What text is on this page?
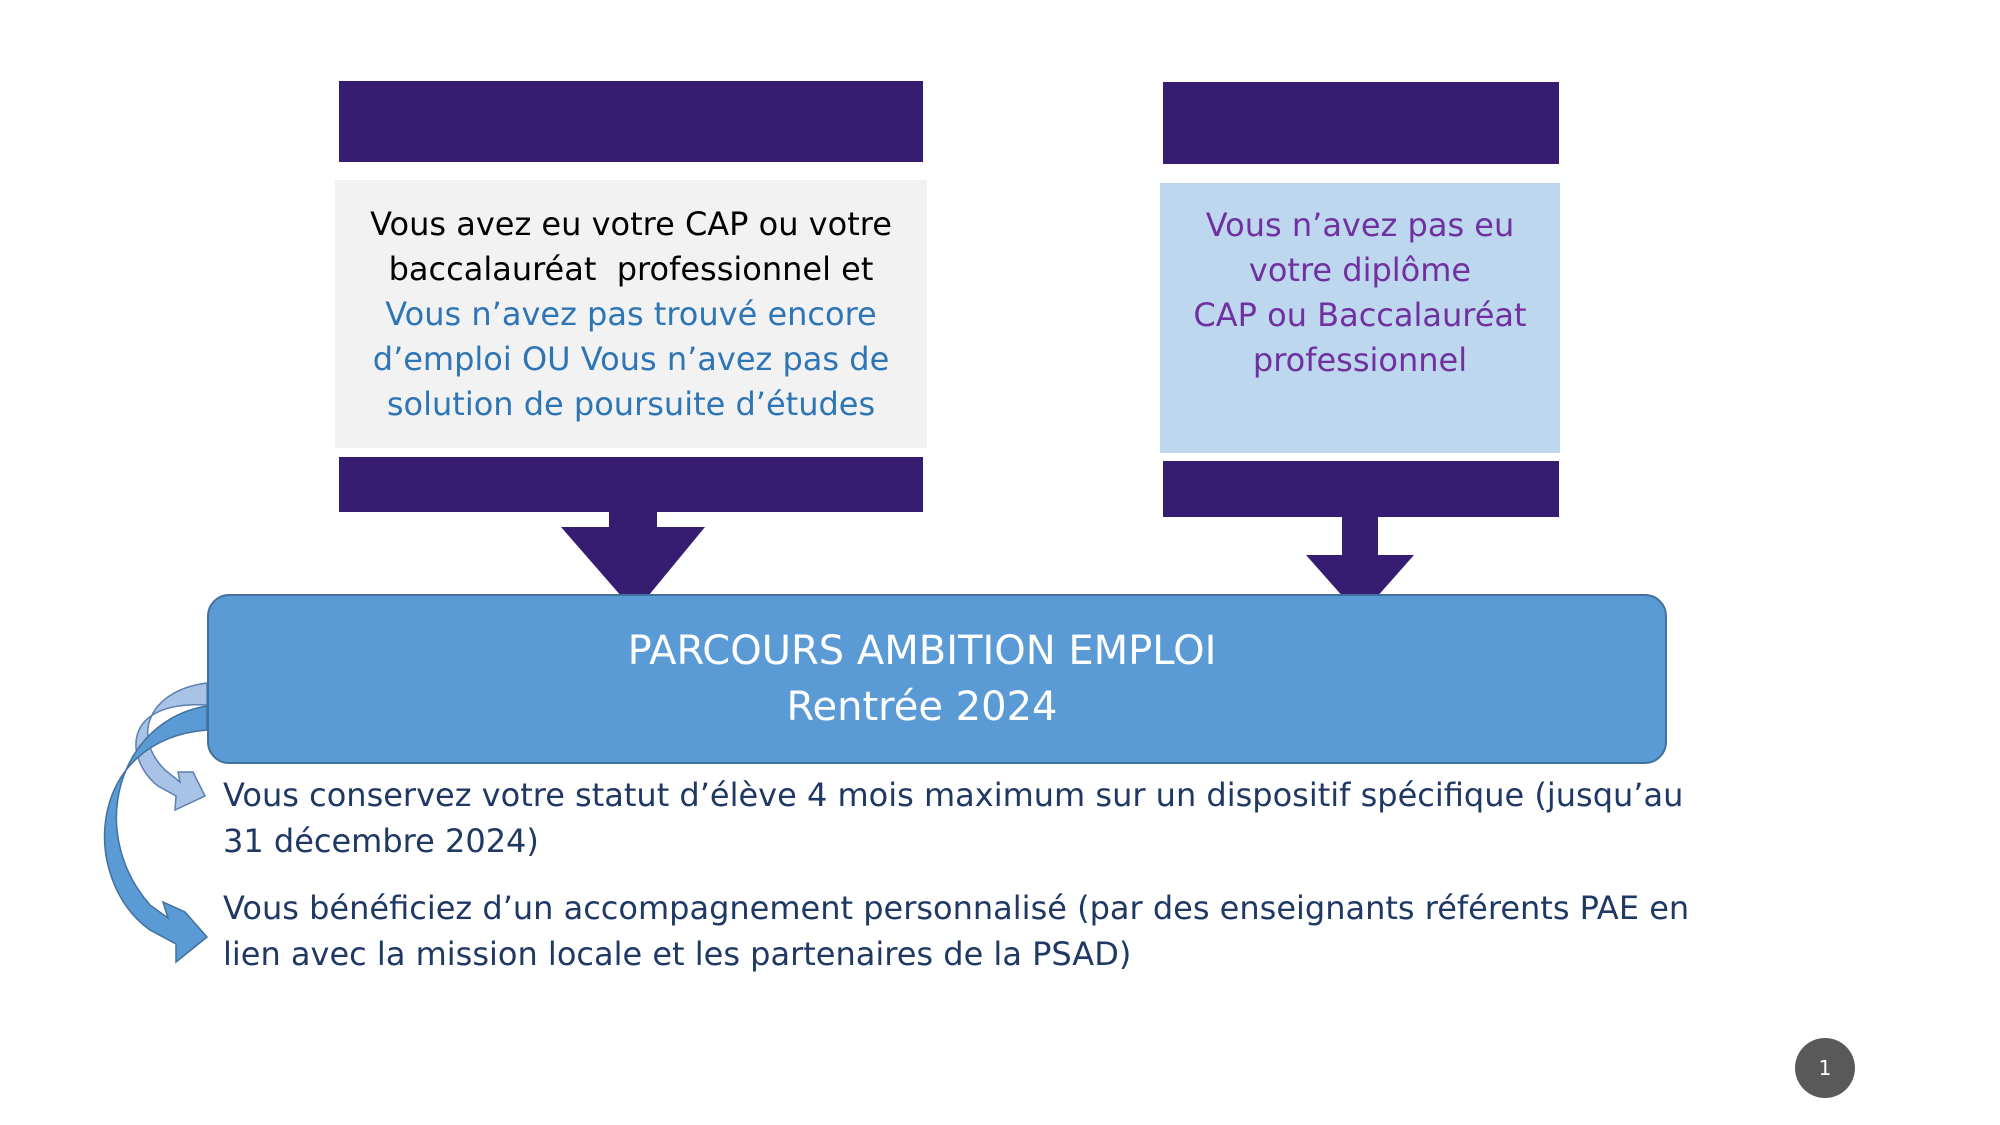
Vous avez eu votre CAP ou votre
baccalauréat  professionnel et
Vous n’avez pas trouvé encore
d’emploi OU Vous n’avez pas de
solution de poursuite d’études
Vous n’avez pas eu
votre diplôme
CAP ou Baccalauréat
professionnel
PARCOURS AMBITION EMPLOI
Rentrée 2024
Vous conservez votre statut d’élève 4 mois maximum sur un dispositif spécifique (jusqu’au
31 décembre 2024)
Vous bénéficiez d’un accompagnement personnalisé (par des enseignants référents PAE en
lien avec la mission locale et les partenaires de la PSAD)
1
